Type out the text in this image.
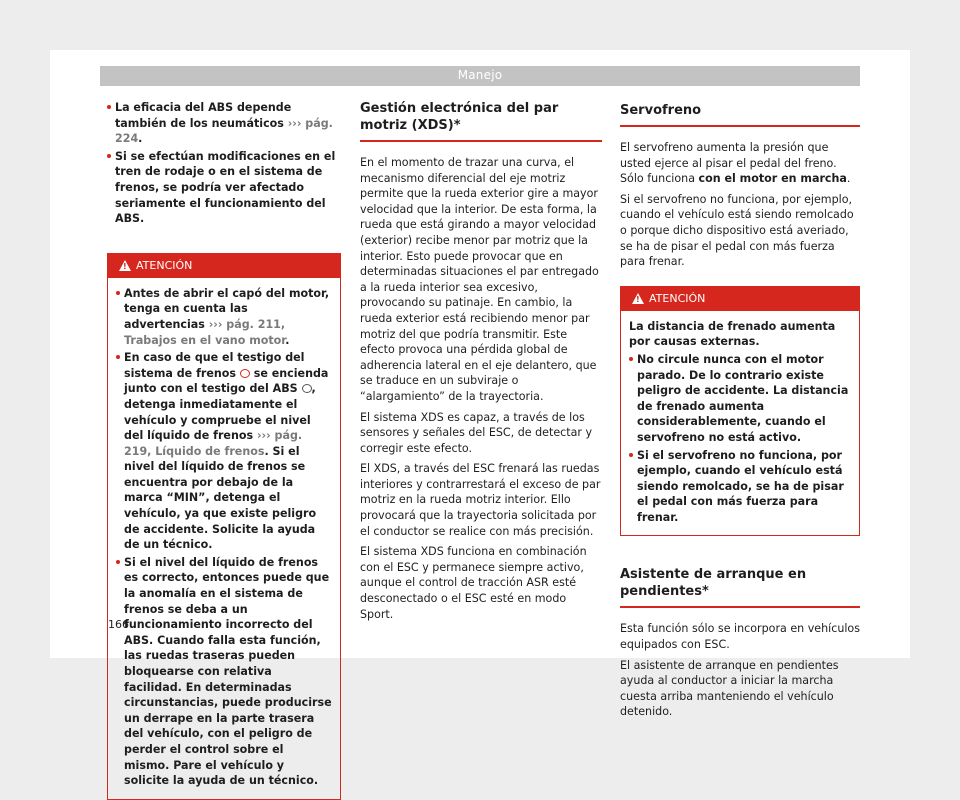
Manejo
La eficacia del ABS depende también de los neumáticos ››› pág. 224.
Si se efectúan modificaciones en el tren de rodaje o en el sistema de frenos, se podría ver afectado seriamente el funcionamiento del ABS.
!
ATENCIÓN
Antes de abrir el capó del motor, tenga en cuenta las advertencias ››› pág. 211, Trabajos en el vano motor.
En caso de que el testigo del sistema de frenos  se encienda junto con el testigo del ABS , detenga inmediatamente el vehículo y compruebe el nivel del líquido de frenos ››› pág. 219, Líquido de frenos. Si el nivel del líquido de frenos se encuentra por debajo de la marca “MIN”, detenga el vehículo, ya que existe peligro de accidente. Solicite la ayuda de un técnico.
Si el nivel del líquido de frenos es correcto, entonces puede que la anomalía en el sistema de frenos se deba a un funcionamiento incorrecto del ABS. Cuando falla esta función, las ruedas traseras pueden bloquearse con relativa facilidad. En determinadas circunstancias, puede producirse un derrape en la parte trasera del vehículo, con el peligro de perder el control sobre el mismo. Pare el vehículo y solicite la ayuda de un técnico.
Gestión electrónica del par motriz (XDS)*

En el momento de trazar una curva, el mecanismo diferencial del eje motriz permite que la rueda exterior gire a mayor velocidad que la interior. De esta forma, la rueda que está girando a mayor velocidad (exterior) recibe menor par motriz que la interior. Esto puede provocar que en determinadas situaciones el par entregado a la rueda interior sea excesivo, provocando su patinaje. En cambio, la rueda exterior está recibiendo menor par motriz del que podría transmitir. Este efecto provoca una pérdida global de adherencia lateral en el eje delantero, que se traduce en un subviraje o “alargamiento” de la trayectoria.

El sistema XDS es capaz, a través de los sensores y señales del ESC, de detectar y corregir este efecto.

El XDS, a través del ESC frenará las ruedas interiores y contrarrestará el exceso de par motriz en la rueda motriz interior. Ello provocará que la trayectoria solicitada por el conductor se realice con más precisión.

El sistema XDS funciona en combinación con el ESC y permanece siempre activo, aunque el control de tracción ASR esté desconectado o el ESC esté en modo Sport.

Servofreno

El servofreno aumenta la presión que usted ejerce al pisar el pedal del freno. Sólo funciona con el motor en marcha.

Si el servofreno no funciona, por ejemplo, cuando el vehículo está siendo remolcado o porque dicho dispositivo está averiado, se ha de pisar el pedal con más fuerza para frenar.

!
ATENCIÓN

La distancia de frenado aumenta por causas externas.

No circule nunca con el motor parado. De lo contrario existe peligro de accidente. La distancia de frenado aumenta considerablemente, cuando el servofreno no está activo.
Si el servofreno no funciona, por ejemplo, cuando el vehículo está siendo remolcado, se ha de pisar el pedal con más fuerza para frenar.
Asistente de arranque en pendientes*

Esta función sólo se incorpora en vehículos equipados con ESC.

El asistente de arranque en pendientes ayuda al conductor a iniciar la marcha cuesta arriba manteniendo el vehículo detenido.

166
